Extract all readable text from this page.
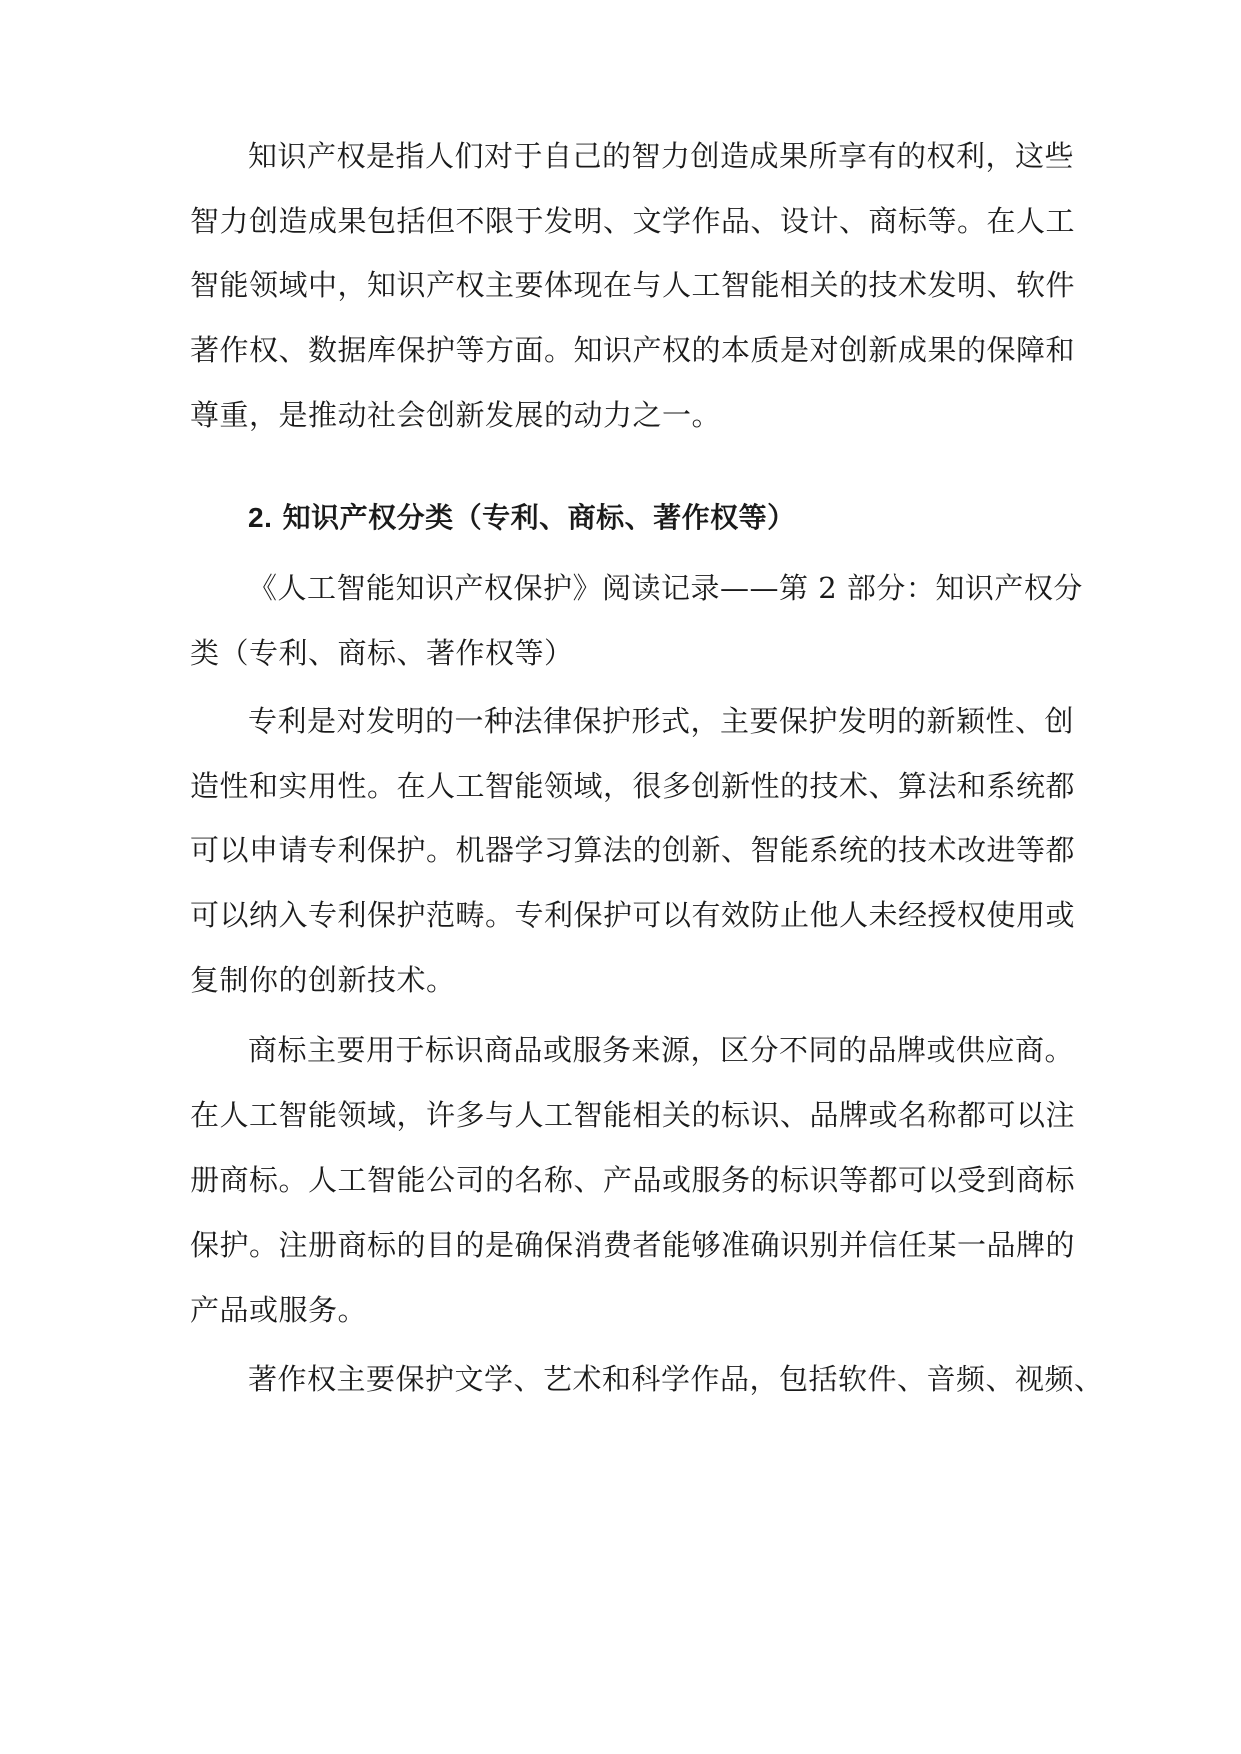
知识产权是指人们对于自己的智力创造成果所享有的权利，这些
智力创造成果包括但不限于发明、文学作品、设计、商标等。在人工
智能领域中，知识产权主要体现在与人工智能相关的技术发明、软件
著作权、数据库保护等方面。知识产权的本质是对创新成果的保障和
尊重，是推动社会创新发展的动力之一。
2. 知识产权分类（专利、商标、著作权等）
《人工智能知识产权保护》阅读记录——第 2 部分：知识产权分
类（专利、商标、著作权等）
专利是对发明的一种法律保护形式，主要保护发明的新颖性、创
造性和实用性。在人工智能领域，很多创新性的技术、算法和系统都
可以申请专利保护。机器学习算法的创新、智能系统的技术改进等都
可以纳入专利保护范畴。专利保护可以有效防止他人未经授权使用或
复制你的创新技术。
商标主要用于标识商品或服务来源，区分不同的品牌或供应商。
在人工智能领域，许多与人工智能相关的标识、品牌或名称都可以注
册商标。人工智能公司的名称、产品或服务的标识等都可以受到商标
保护。注册商标的目的是确保消费者能够准确识别并信任某一品牌的
产品或服务。
著作权主要保护文学、艺术和科学作品，包括软件、音频、视频、
